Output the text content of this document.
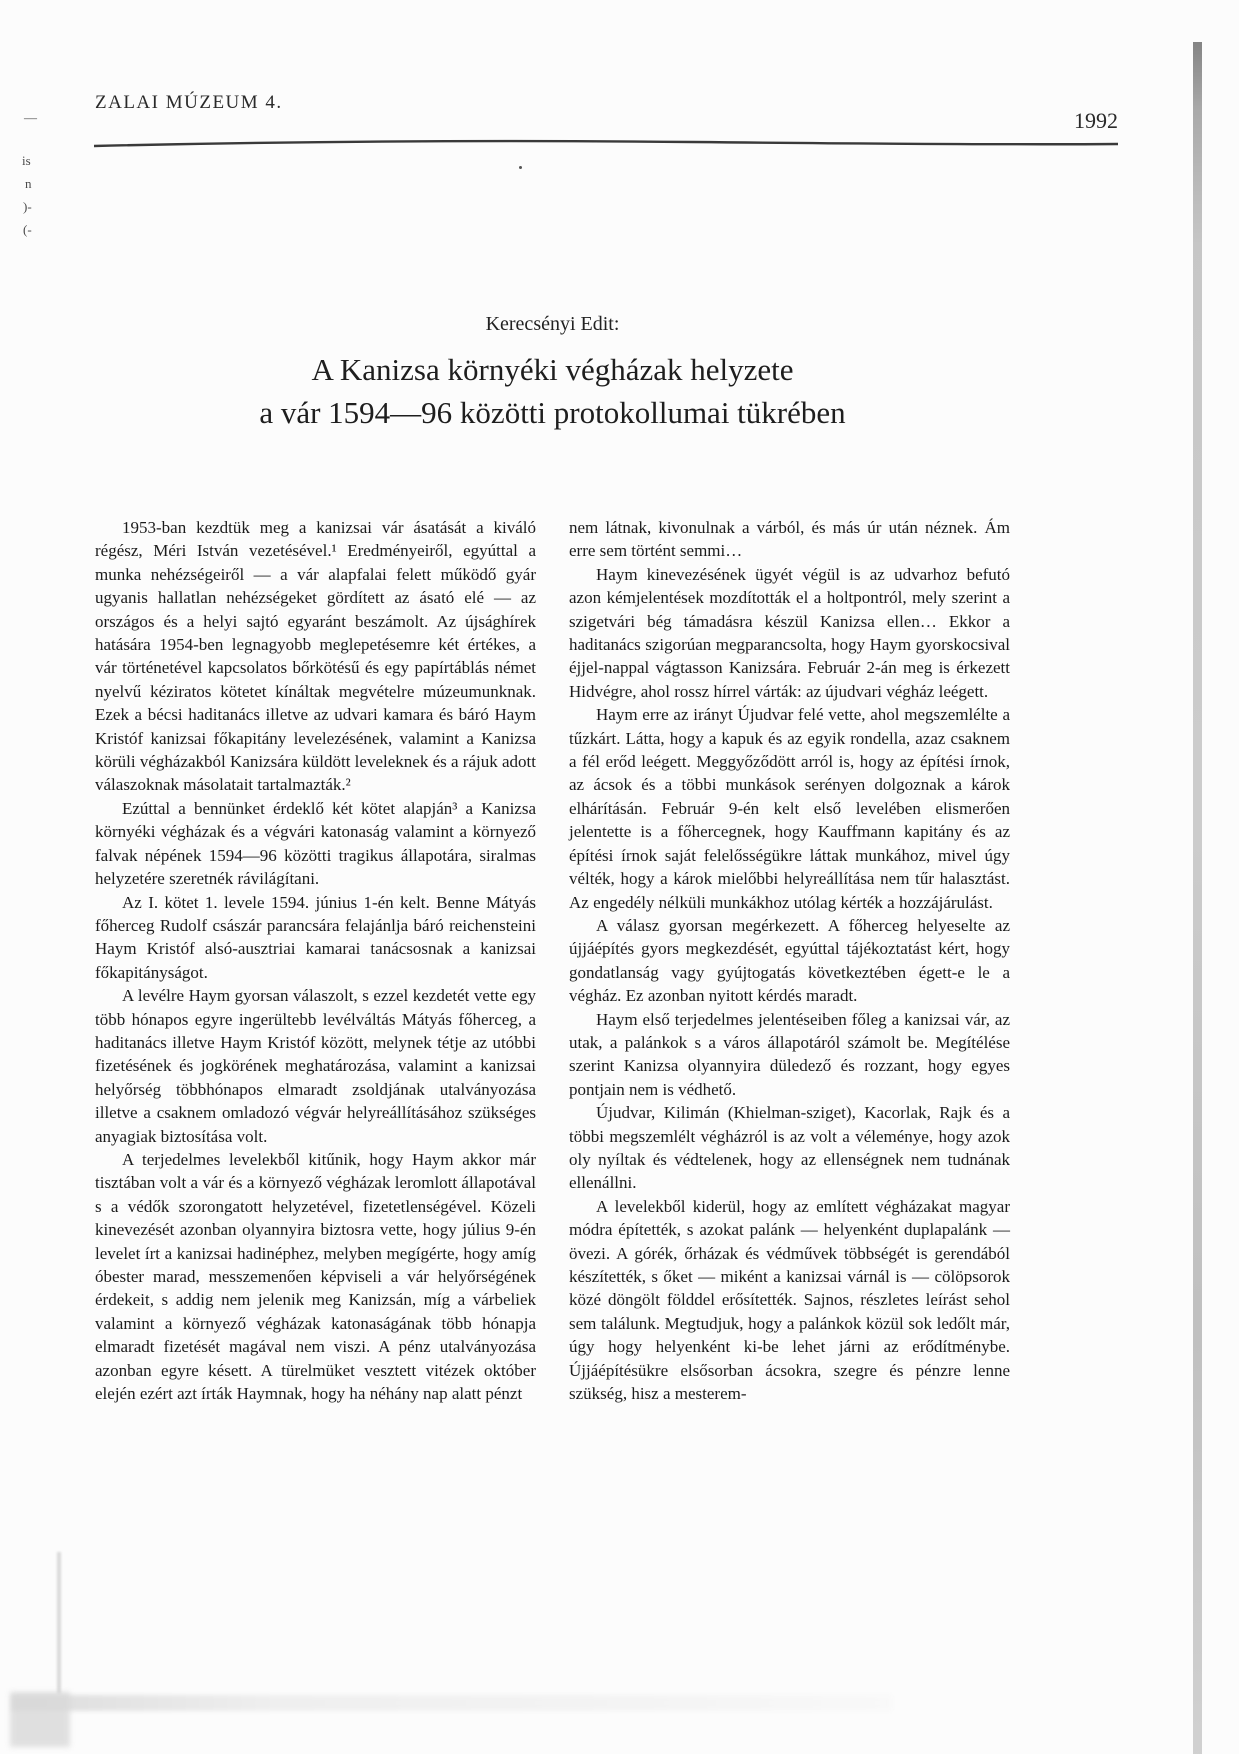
ZALAI MÚZEUM 4.
1992
Kerecsényi Edit:
A Kanizsa környéki végházak helyzete
a vár 1594—96 közötti protokollumai tükrében

1953-ban kezdtük meg a kanizsai vár ásatását a kiváló régész, Méri István vezetésével.¹ Eredményeiről, egyúttal a munka nehézségeiről — a vár alapfalai felett működő gyár ugyanis hallatlan nehézségeket gördített az ásató elé — az országos és a helyi sajtó egyaránt beszámolt. Az újsághírek hatására 1954-ben legnagyobb meglepetésemre két értékes, a vár történetével kapcsolatos bőrkötésű és egy papírtáblás német nyelvű kéziratos kötetet kínáltak megvételre múzeumunknak. Ezek a bécsi haditanács illetve az udvari kamara és báró Haym Kristóf kanizsai főkapitány levelezésének, valamint a Kanizsa körüli végházakból Kanizsára küldött leveleknek és a rájuk adott válaszoknak másolatait tartalmazták.²

Ezúttal a bennünket érdeklő két kötet alapján³ a Kanizsa környéki végházak és a végvári katonaság valamint a környező falvak népének 1594—96 közötti tragikus állapotára, siralmas helyzetére szeretnék rávilágítani.

Az I. kötet 1. levele 1594. június 1-én kelt. Benne Mátyás főherceg Rudolf császár parancsára felajánlja báró reichensteini Haym Kristóf alsó-ausztriai kamarai tanácsosnak a kanizsai főkapitányságot.

A levélre Haym gyorsan válaszolt, s ezzel kezdetét vette egy több hónapos egyre ingerültebb levélváltás Mátyás főherceg, a haditanács illetve Haym Kristóf között, melynek tétje az utóbbi fizetésének és jogkörének meghatározása, valamint a kanizsai helyőrség többhónapos elmaradt zsoldjának utalványozása illetve a csaknem omladozó végvár helyreállításához szükséges anyagiak biztosítása volt.

A terjedelmes levelekből kitűnik, hogy Haym akkor már tisztában volt a vár és a környező végházak leromlott állapotával s a védők szorongatott helyzetével, fizetetlenségével. Közeli kinevezését azonban olyannyira biztosra vette, hogy július 9-én levelet írt a kanizsai hadinéphez, melyben megígérte, hogy amíg óbester marad, messzemenően képviseli a vár helyőrségének érdekeit, s addig nem jelenik meg Kanizsán, míg a várbeliek valamint a környező végházak katonaságának több hónapja elmaradt fizetését magával nem viszi. A pénz utalványozása azonban egyre késett. A türelmüket vesztett vitézek október elején ezért azt írták Haymnak, hogy ha néhány nap alatt pénzt

nem látnak, kivonulnak a várból, és más úr után néznek. Ám erre sem történt semmi…

Haym kinevezésének ügyét végül is az udvarhoz befutó azon kémjelentések mozdították el a holtpontról, mely szerint a szigetvári bég támadásra készül Kanizsa ellen… Ekkor a haditanács szigorúan megparancsolta, hogy Haym gyorskocsival éjjel-nappal vágtasson Kanizsára. Február 2-án meg is érkezett Hidvégre, ahol rossz hírrel várták: az újudvari végház leégett.

Haym erre az irányt Újudvar felé vette, ahol megszemlélte a tűzkárt. Látta, hogy a kapuk és az egyik rondella, azaz csaknem a fél erőd leégett. Meggyőződött arról is, hogy az építési írnok, az ácsok és a többi munkások serényen dolgoznak a károk elhárításán. Február 9-én kelt első levelében elismerően jelentette is a főhercegnek, hogy Kauffmann kapitány és az építési írnok saját felelősségükre láttak munkához, mivel úgy vélték, hogy a károk mielőbbi helyreállítása nem tűr halasztást. Az engedély nélküli munkákhoz utólag kérték a hozzájárulást.

A válasz gyorsan megérkezett. A főherceg helyeselte az újjáépítés gyors megkezdését, egyúttal tájékoztatást kért, hogy gondatlanság vagy gyújtogatás következtében égett-e le a végház. Ez azonban nyitott kérdés maradt.

Haym első terjedelmes jelentéseiben főleg a kanizsai vár, az utak, a palánkok s a város állapotáról számolt be. Megítélése szerint Kanizsa olyannyira düledező és rozzant, hogy egyes pontjain nem is védhető.

Újudvar, Kilimán (Khielman-sziget), Kacorlak, Rajk és a többi megszemlélt végházról is az volt a véleménye, hogy azok oly nyíltak és védtelenek, hogy az ellenségnek nem tudnának ellenállni.

A levelekből kiderül, hogy az említett végházakat magyar módra építették, s azokat palánk — helyenként duplapalánk — övezi. A górék, őrházak és védművek többségét is gerendából készítették, s őket — miként a kanizsai várnál is — cölöpsorok közé döngölt földdel erősítették. Sajnos, részletes leírást sehol sem találunk. Megtudjuk, hogy a palánkok közül sok ledőlt már, úgy hogy helyenként ki-be lehet járni az erődítménybe. Újjáépítésükre elsősorban ácsokra, szegre és pénzre lenne szükség, hisz a mesterem-

—
is
n
)-
(-
